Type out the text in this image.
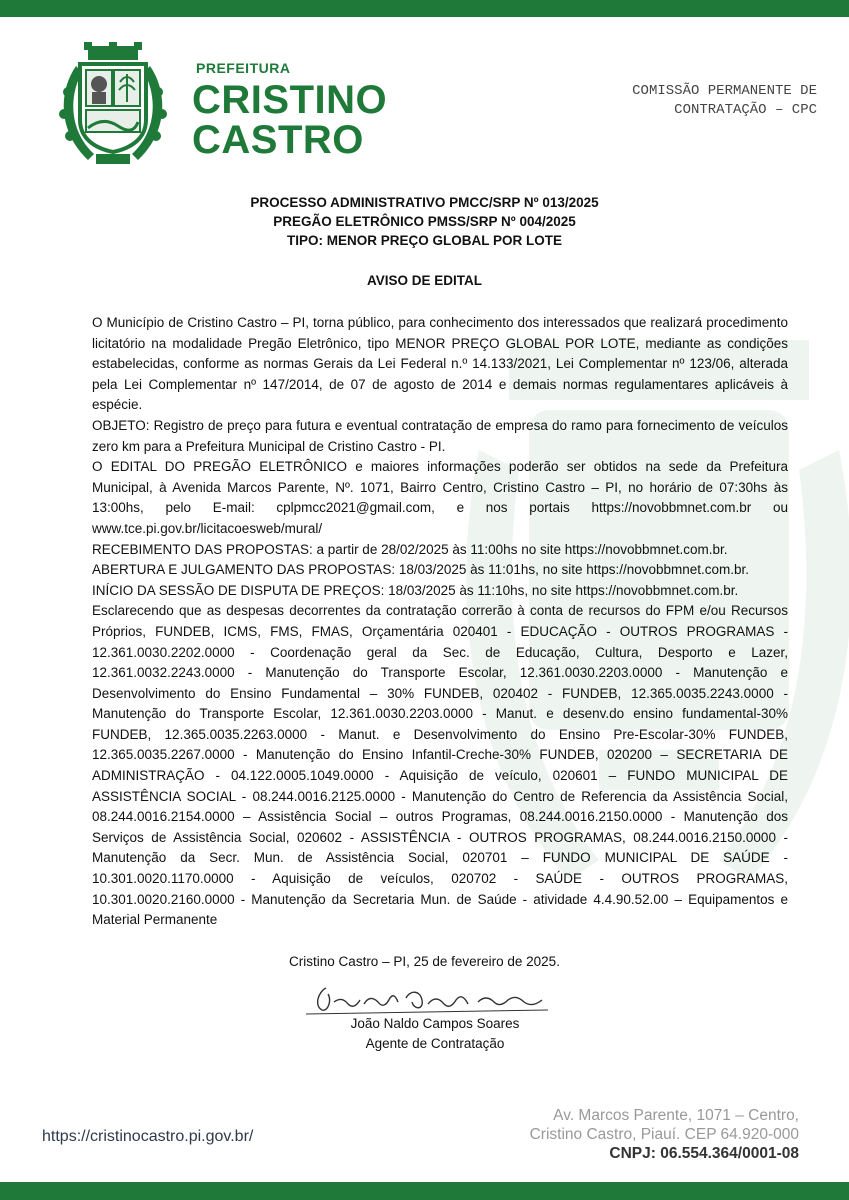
PREFEITURA
CRISTINO
CASTRO
COMISSÃO PERMANENTE DE
CONTRATAÇÃO – CPC
PROCESSO ADMINISTRATIVO PMCC/SRP Nº 013/2025
PREGÃO ELETRÔNICO PMSS/SRP Nº 004/2025
TIPO: MENOR PREÇO GLOBAL POR LOTE
AVISO DE EDITAL

O Município de Cristino Castro – PI, torna público, para conhecimento dos interessados que realizará procedimento licitatório na modalidade Pregão Eletrônico, tipo MENOR PREÇO GLOBAL POR LOTE, mediante as condições estabelecidas, conforme as normas Gerais da Lei Federal n.º 14.133/2021, Lei Complementar nº 123/06, alterada pela Lei Complementar nº 147/2014, de 07 de agosto de 2014 e demais normas regulamentares aplicáveis à espécie.

OBJETO: Registro de preço para futura e eventual contratação de empresa do ramo para fornecimento de veículos zero km para a Prefeitura Municipal de Cristino Castro - PI.

O EDITAL DO PREGÃO ELETRÔNICO e maiores informações poderão ser obtidos na sede da Prefeitura Municipal, à Avenida Marcos Parente, Nº. 1071, Bairro Centro, Cristino Castro – PI, no horário de 07:30hs às 13:00hs, pelo E-mail: cplpmcc2021@gmail.com, e nos portais https://novobbmnet.com.br ou www.tce.pi.gov.br/licitacoesweb/mural/

RECEBIMENTO DAS PROPOSTAS: a partir de 28/02/2025 às 11:00hs no site https://novobbmnet.com.br.

ABERTURA E JULGAMENTO DAS PROPOSTAS: 18/03/2025 às 11:01hs, no site https://novobbmnet.com.br.

INÍCIO DA SESSÃO DE DISPUTA DE PREÇOS: 18/03/2025 às 11:10hs, no site https://novobbmnet.com.br.

Esclarecendo que as despesas decorrentes da contratação correrão à conta de recursos do FPM e/ou Recursos Próprios, FUNDEB, ICMS, FMS, FMAS, Orçamentária 020401 - EDUCAÇÃO - OUTROS PROGRAMAS - 12.361.0030.2202.0000 - Coordenação geral da Sec. de Educação, Cultura, Desporto e Lazer, 12.361.0032.2243.0000 - Manutenção do Transporte Escolar, 12.361.0030.2203.0000 - Manutenção e Desenvolvimento do Ensino Fundamental – 30% FUNDEB, 020402 - FUNDEB, 12.365.0035.2243.0000 - Manutenção do Transporte Escolar, 12.361.0030.2203.0000 - Manut. e desenv.do ensino fundamental-30% FUNDEB, 12.365.0035.2263.0000 - Manut. e Desenvolvimento do Ensino Pre-Escolar-30% FUNDEB, 12.365.0035.2267.0000 - Manutenção do Ensino Infantil-Creche-30% FUNDEB, 020200 – SECRETARIA DE ADMINISTRAÇÃO - 04.122.0005.1049.0000 - Aquisição de veículo, 020601 – FUNDO MUNICIPAL DE ASSISTÊNCIA SOCIAL - 08.244.0016.2125.0000 - Manutenção do Centro de Referencia da Assistência Social, 08.244.0016.2154.0000 – Assistência Social – outros Programas, 08.244.0016.2150.0000 - Manutenção dos Serviços de Assistência Social, 020602 - ASSISTÊNCIA - OUTROS PROGRAMAS, 08.244.0016.2150.0000 - Manutenção da Secr. Mun. de Assistência Social, 020701 – FUNDO MUNICIPAL DE SAÚDE - 10.301.0020.1170.0000 - Aquisição de veículos, 020702 - SAÚDE - OUTROS PROGRAMAS, 10.301.0020.2160.0000 - Manutenção da Secretaria Mun. de Saúde - atividade 4.4.90.52.00 – Equipamentos e Material Permanente

Cristino Castro – PI, 25 de fevereiro de 2025.
João Naldo Campos Soares
Agente de Contratação
https://cristinocastro.pi.gov.br/
Av. Marcos Parente, 1071 – Centro,
Cristino Castro, Piauí. CEP 64.920-000
CNPJ: 06.554.364/0001-08
